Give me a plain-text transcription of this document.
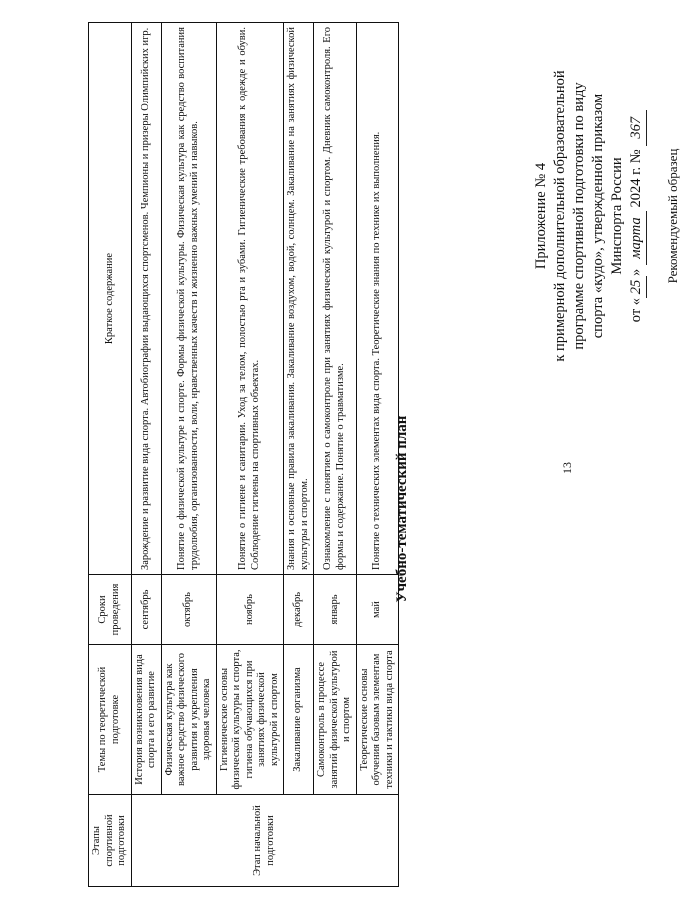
13
Приложение № 4 к примерной дополнительной образовательной программе спортивной подготовки по виду спорта «кудо», утвержденной приказом Минспорта России
от «25» марта 2024 г. № 367
Рекомендуемый образец
Учебно-тематический план
Этапы спортивной подготовки	Темы по теоретической подготовке	Сроки проведения	Краткое содержание
Этап начальной подготовки	История возникновения вида спорта и его развитие	сентябрь	Зарождение и развитие вида спорта. Автобиографии выдающихся спортсменов. Чемпионы и призеры Олимпийских игр.
	Физическая культура как важное средство физического развития и укрепления здоровья человека	октябрь	Понятие о физической культуре и спорте. Формы физической культуры. Физическая культура как средство воспитания трудолюбия, организованности, воли, нравственных качеств и жизненно важных умений и навыков.
	Гигиенические основы физической культуры и спорта, гигиена обучающихся при занятиях физической культурой и спортом	ноябрь	Понятие о гигиене и санитарии. Уход за телом, полостью рта и зубами. Гигиенические требования к одежде и обуви. Соблюдение гигиены на спортивных объектах.
	Закаливание организма	декабрь	Знания и основные правила закаливания. Закаливание воздухом, водой, солнцем. Закаливание на занятиях физической культуры и спортом.
	Самоконтроль в процессе занятий физической культурой и спортом	январь	Ознакомление с понятием о самоконтроле при занятиях физической культурой и спортом. Дневник самоконтроля. Его формы и содержание. Понятие о травматизме.
	Теоретические основы обучения базовым элементам техники и тактики вида спорта	май	Понятие о технических элементах вида спорта. Теоретические знания по технике их выполнения.
